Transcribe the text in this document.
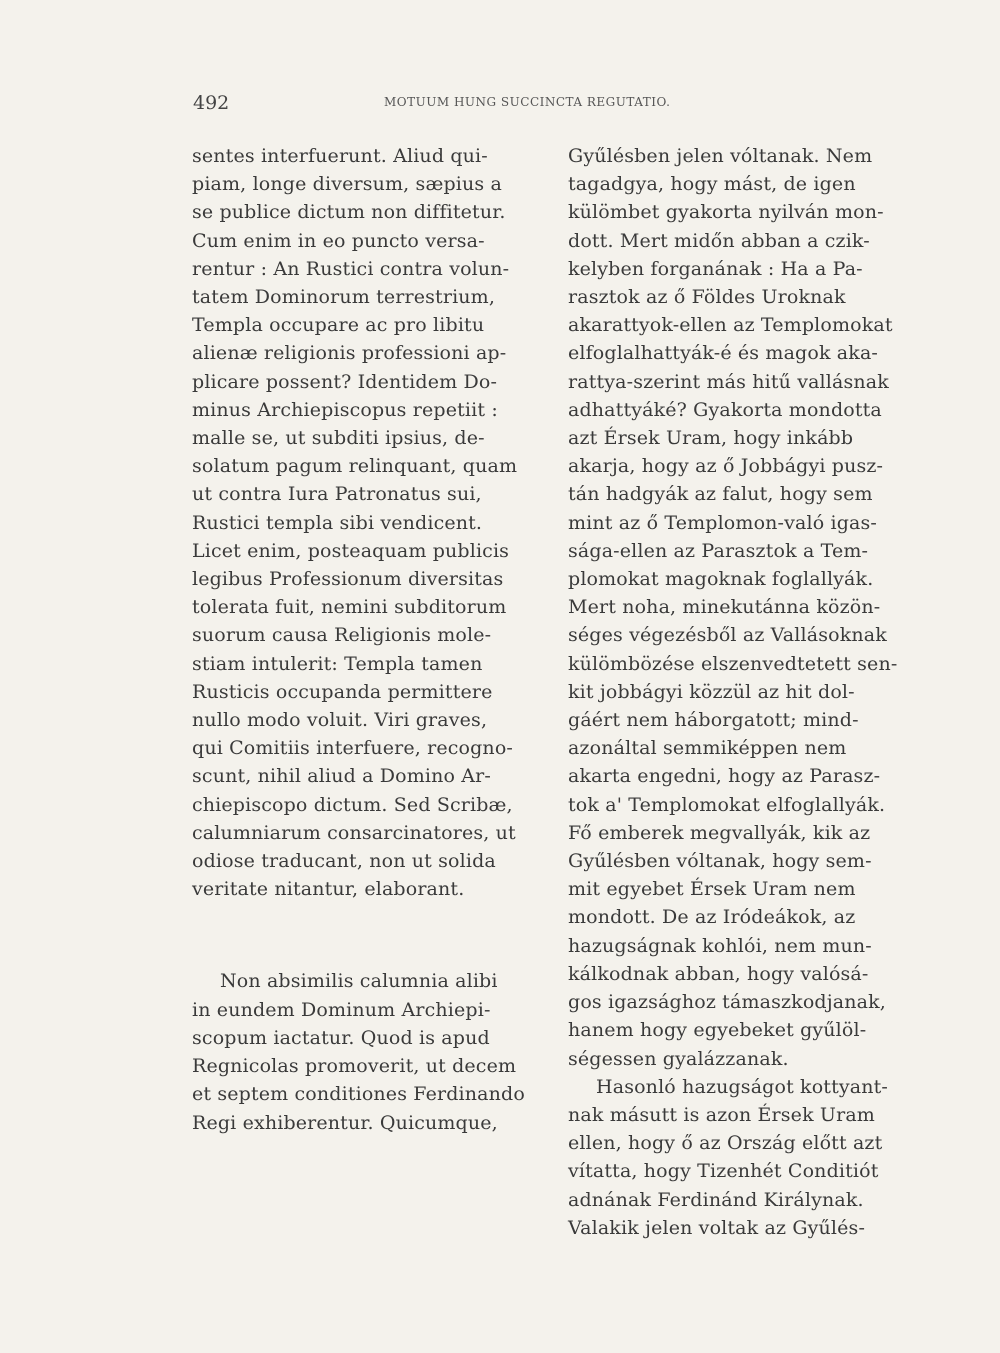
492	MOTUUM HUNG SUCCINCTA REGUTATIO.

sentes interfuerunt. Aliud qui-
piam, longe diversum, sæpius a
se publice dictum non diffitetur.
Cum enim in eo puncto versa-
rentur : An Rustici contra volun-
tatem Dominorum terrestrium,
Templa occupare ac pro libitu
alienæ religionis professioni ap-
plicare possent? Identidem Do-
minus Archiepiscopus repetiit :
malle se, ut subditi ipsius, de-
solatum pagum relinquant, quam
ut contra Iura Patronatus sui,
Rustici templa sibi vendicent.
Licet enim, posteaquam publicis
legibus Professionum diversitas
tolerata fuit, nemini subditorum
suorum causa Religionis mole-
stiam intulerit: Templa tamen
Rusticis occupanda permittere
nullo modo voluit. Viri graves,
qui Comitiis interfuere, recogno-
scunt, nihil aliud a Domino Ar-
chiepiscopo dictum. Sed Scribæ,
calumniarum consarcinatores, ut
odiose traducant, non ut solida
veritate nitantur, elaborant.

Non absimilis calumnia alibi
in eundem Dominum Archiepi-
scopum iactatur. Quod is apud
Regnicolas promoverit, ut decem
et septem conditiones Ferdinando
Regi exhiberentur. Quicumque,

Gyűlésben jelen vóltanak. Nem
tagadgya, hogy mást, de igen
külömbet gyakorta nyilván mon-
dott. Mert midőn abban a czik-
kelyben forganának : Ha a Pa-
rasztok az ő Földes Uroknak
akarattyok-ellen az Templomokat
elfoglalhattyák-é és magok aka-
rattya-szerint más hitű vallásnak
adhattyáké? Gyakorta mondotta
azt Érsek Uram, hogy inkább
akarja, hogy az ő Jobbágyi pusz-
tán hadgyák az falut, hogy sem
mint az ő Templomon-való igas-
sága-ellen az Parasztok a Tem-
plomokat magoknak foglallyák.
Mert noha, minekutánna közön-
séges végezésből az Vallásoknak
külömbözése elszenvedtetett sen-
kit jobbágyi közzül az hit dol-
gáért nem háborgatott; mind-
azonáltal semmiképpen nem
akarta engedni, hogy az Parasz-
tok a' Templomokat elfoglallyák.
Fő emberek megvallyák, kik az
Gyűlésben vóltanak, hogy sem-
mit egyebet Érsek Uram nem
mondott. De az Iródeákok, az
hazugságnak kohlói, nem mun-
kálkodnak abban, hogy valósá-
gos igazsághoz támaszkodjanak,
hanem hogy egyebeket gyűlöl-
ségessen gyalázzanak.

Hasonló hazugságot kottyant-
nak másutt is azon Érsek Uram
ellen, hogy ő az Ország előtt azt
vítatta, hogy Tizenhét Conditiót
adnának Ferdinánd Királynak.
Valakik jelen voltak az Gyűlés-
